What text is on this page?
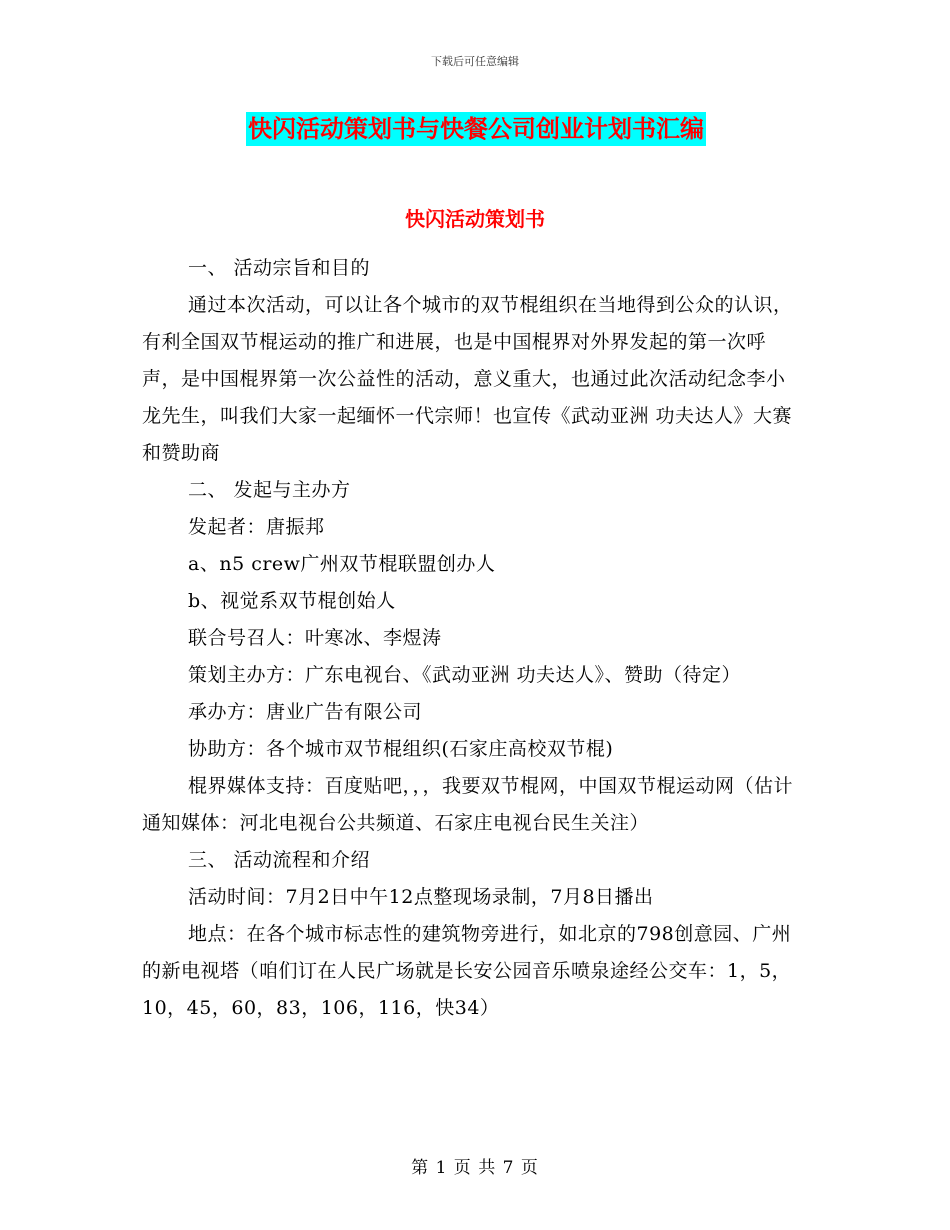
下载后可任意编辑
快闪活动策划书与快餐公司创业计划书汇编
快闪活动策划书

一、 活动宗旨和目的

通过本次活动，可以让各个城市的双节棍组织在当地得到公众的认识，有利全国双节棍运动的推广和进展，也是中国棍界对外界发起的第一次呼声，是中国棍界第一次公益性的活动，意义重大，也通过此次活动纪念李小龙先生，叫我们大家一起缅怀一代宗师！也宣传《武动亚洲 功夫达人》大赛和赞助商

二、 发起与主办方

发起者：唐振邦

a、n5 crew广州双节棍联盟创办人

b、视觉系双节棍创始人

联合号召人：叶寒冰、李煜涛

策划主办方：广东电视台、《武动亚洲 功夫达人》、赞助（待定）

承办方：唐业广告有限公司

协助方：各个城市双节棍组织(石家庄高校双节棍)

棍界媒体支持：百度贴吧，，，我要双节棍网，中国双节棍运动网（估计通知媒体：河北电视台公共频道、石家庄电视台民生关注）

三、 活动流程和介绍

活动时间：7月2日中午12点整现场录制，7月8日播出

地点：在各个城市标志性的建筑物旁进行，如北京的798创意园、广州的新电视塔（咱们订在人民广场就是长安公园音乐喷泉途经公交车：1，5，10，45，60，83，106，116，快34）

第 1 页 共 7 页
